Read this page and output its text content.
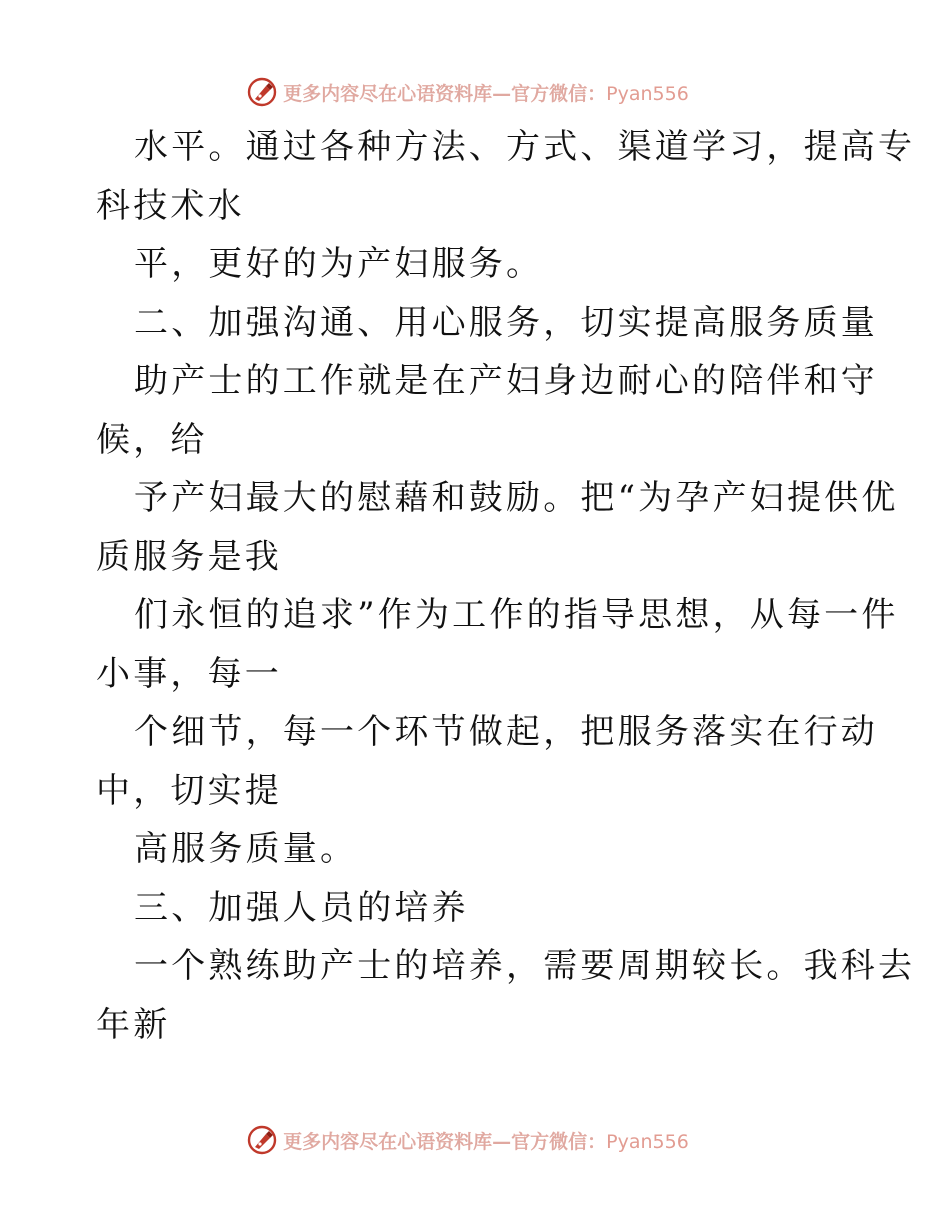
更多内容尽在心语资料库—官方微信：Pyan556
水平。通过各种方法、方式、渠道学习，提高专
科技术水
平，更好的为产妇服务。
二、加强沟通、用心服务，切实提高服务质量
助产士的工作就是在产妇身边耐心的陪伴和守
候，给
予产妇最大的慰藉和鼓励。把“为孕产妇提供优
质服务是我
们永恒的追求”作为工作的指导思想，从每一件
小事，每一
个细节，每一个环节做起，把服务落实在行动
中，切实提
高服务质量。
三、加强人员的培养
一个熟练助产士的培养，需要周期较长。我科去
年新
更多内容尽在心语资料库—官方微信：Pyan556
